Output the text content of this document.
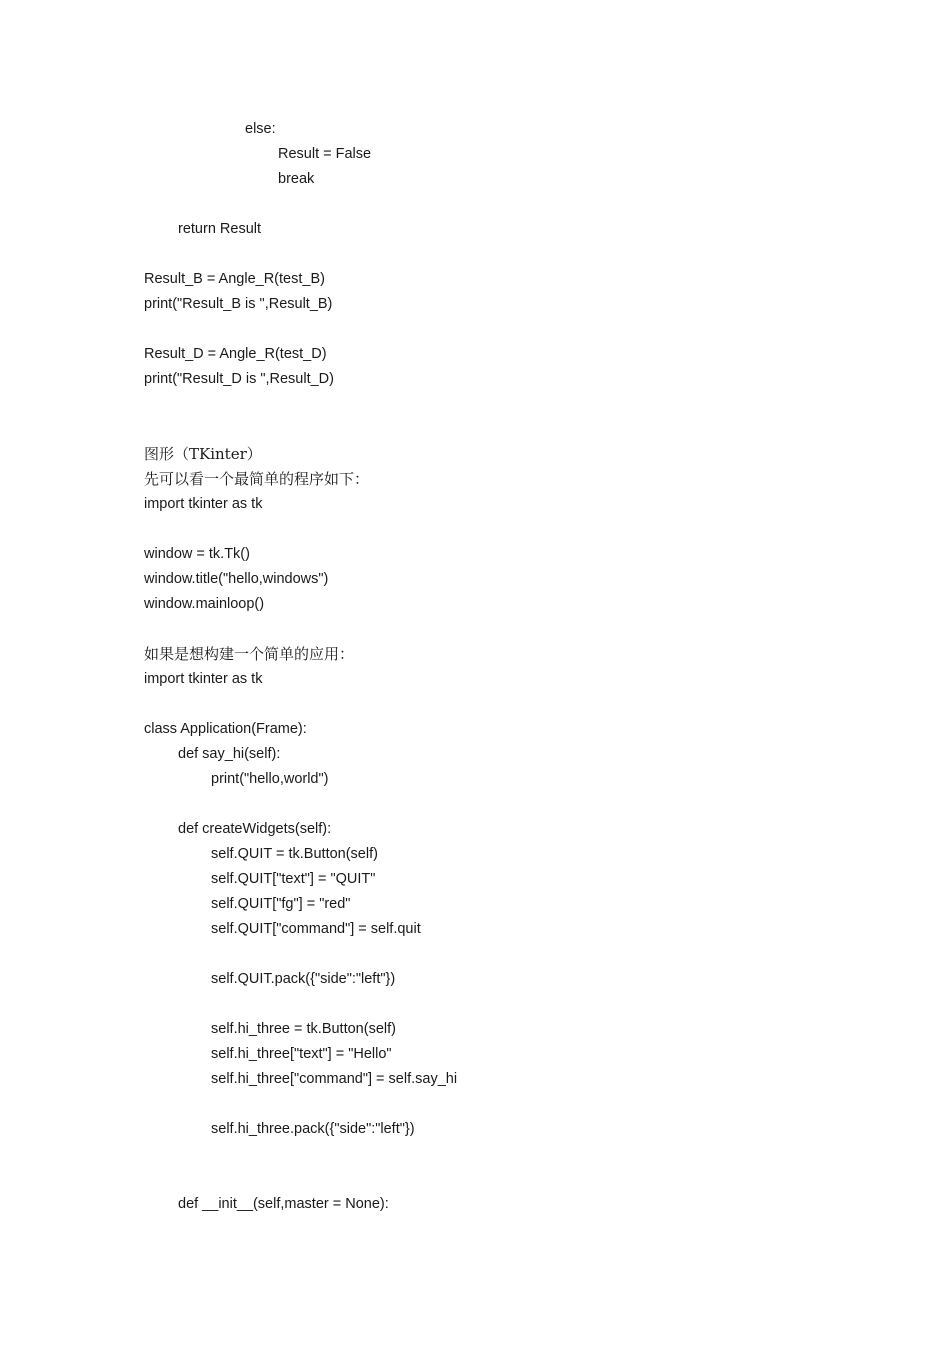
else:
Result = False
break
return Result
Result_B = Angle_R(test_B)
print("Result_B is ",Result_B)
Result_D = Angle_R(test_D)
print("Result_D is ",Result_D)
图形（TKinter）
先可以看一个最简单的程序如下：
import tkinter as tk
window = tk.Tk()
window.title("hello,windows")
window.mainloop()
如果是想构建一个简单的应用：
import tkinter as tk
class Application(Frame):
def say_hi(self):
print("hello,world")
def createWidgets(self):
self.QUIT = tk.Button(self)
self.QUIT["text"] = "QUIT"
self.QUIT["fg"] = "red"
self.QUIT["command"] = self.quit
self.QUIT.pack({"side":"left"})
self.hi_three = tk.Button(self)
self.hi_three["text"] = "Hello"
self.hi_three["command"] = self.say_hi
self.hi_three.pack({"side":"left"})
def __init__(self,master = None):
